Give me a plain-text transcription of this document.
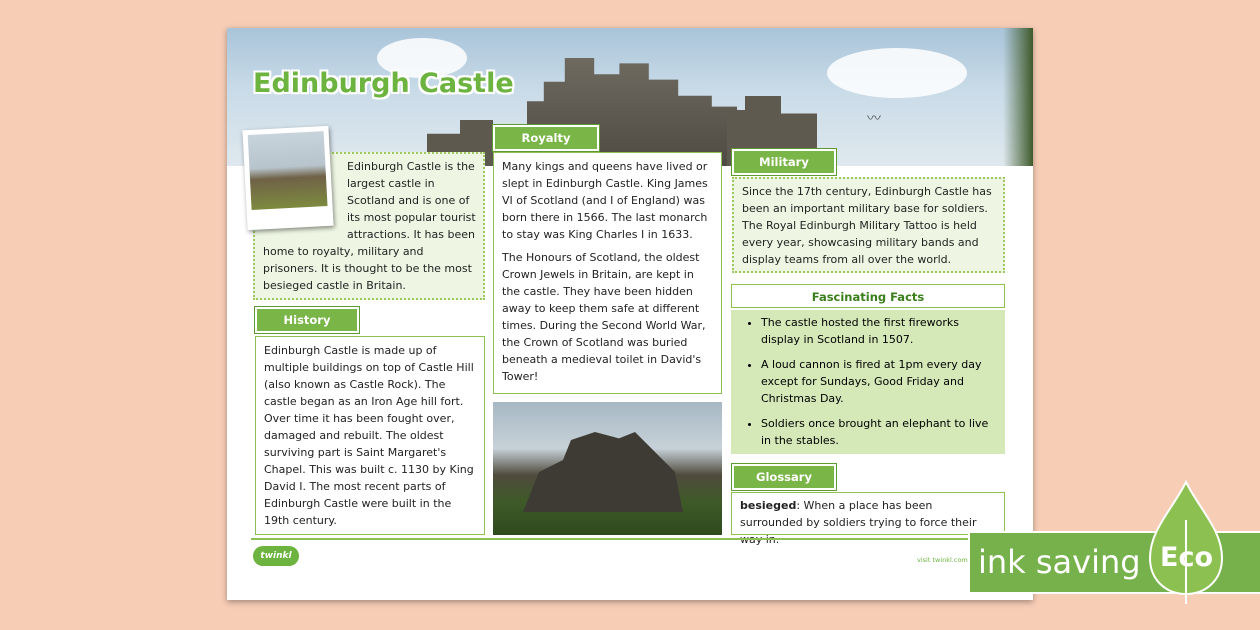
〰
Edinburgh Castle
Edinburgh Castle is the largest castle in Scotland and is one of its most popular tourist attractions. It has been home to royalty, military and prisoners. It is thought to be the most besieged castle in Britain.
History
Edinburgh Castle is made up of multiple buildings on top of Castle Hill (also known as Castle Rock). The castle began as an Iron Age hill fort. Over time it has been fought over, damaged and rebuilt. The oldest surviving part is Saint Margaret's Chapel. This was built c. 1130 by King David I. The most recent parts of Edinburgh Castle were built in the 19th century.
Royalty

Many kings and queens have lived or slept in Edinburgh Castle. King James VI of Scotland (and I of England) was born there in 1566. The last monarch to stay was King Charles I in 1633.

The Honours of Scotland, the oldest Crown Jewels in Britain, are kept in the castle. They have been hidden away to keep them safe at different times. During the Second World War, the Crown of Scotland was buried beneath a medieval toilet in David's Tower!

Military
Since the 17th century, Edinburgh Castle has been an important military base for soldiers. The Royal Edinburgh Military Tattoo is held every year, showcasing military bands and display teams from all over the world.
Fascinating Facts
• The castle hosted the first fireworks display in Scotland in 1507.
• A loud cannon is fired at 1pm every day except for Sundays, Good Friday and Christmas Day.
• Soldiers once brought an elephant to live in the stables.
Glossary
besieged: When a place has been surrounded by soldiers trying to force their
twinkl	visit twinkl.com ink saving Eco
